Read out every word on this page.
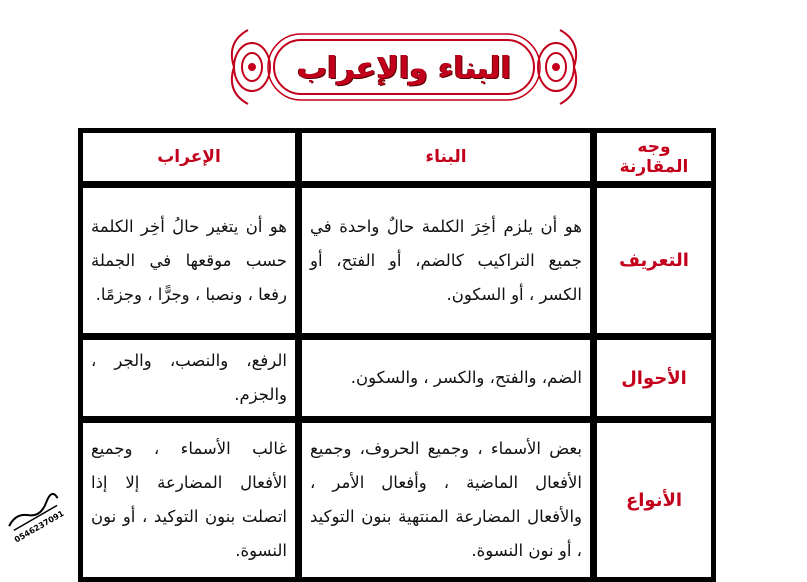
البناء والإعراب
وجه المقارنة	البناء	الإعراب
التعريف	هو أن يلزم أخِرَ الكلمة حالٌ واحدة في جميع التراكيب كالضم، أو الفتح، أو الكسر ، أو السكون.	هو أن يتغير حالُ أخِر الكلمة حسب موقعها في الجملة رفعا ، ونصبا ، وجرًّا ، وجزمًا.
الأحوال	الضم، والفتح، والكسر ، والسكون.	الرفع، والنصب، والجر ، والجزم.
الأنواع	بعض الأسماء ، وجميع الحروف، وجميع الأفعال الماضية ، وأفعال الأمر ، والأفعال المضارعة المنتهية بنون التوكيد ، أو نون النسوة.	غالب الأسماء ، وجميع الأفعال المضارعة إلا إذا اتصلت بنون التوكيد ، أو نون النسوة.
0546237091
